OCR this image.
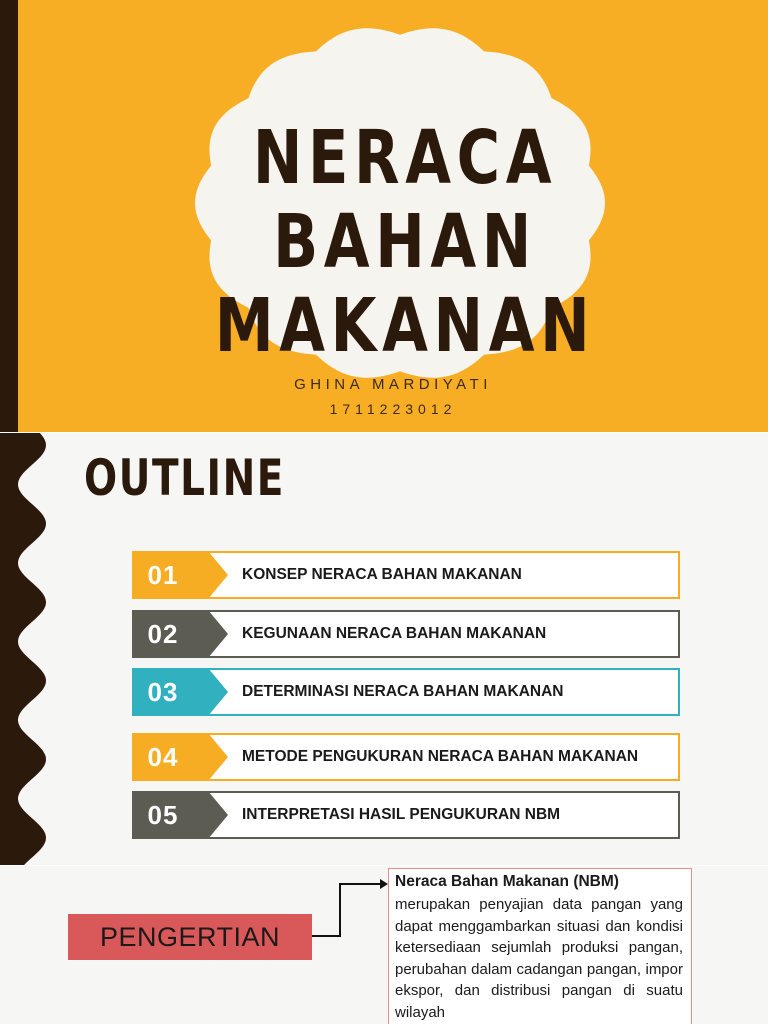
NERACA BAHAN
MAKANAN
GHINA MARDIYATI
1711223012
OUTLINE
01	KONSEP NERACA BAHAN MAKANAN
02	KEGUNAAN NERACA BAHAN MAKANAN
03	DETERMINASI NERACA BAHAN MAKANAN
04	METODE PENGUKURAN NERACA BAHAN MAKANAN
05	INTERPRETASI HASIL PENGUKURAN NBM
PENGERTIAN
Neraca Bahan Makanan (NBM)
merupakan penyajian data pangan yang dapat menggambarkan situasi dan kondisi ketersediaan sejumlah produksi pangan, perubahan dalam cadangan pangan, impor ekspor, dan distribusi pangan di suatu wilayah
